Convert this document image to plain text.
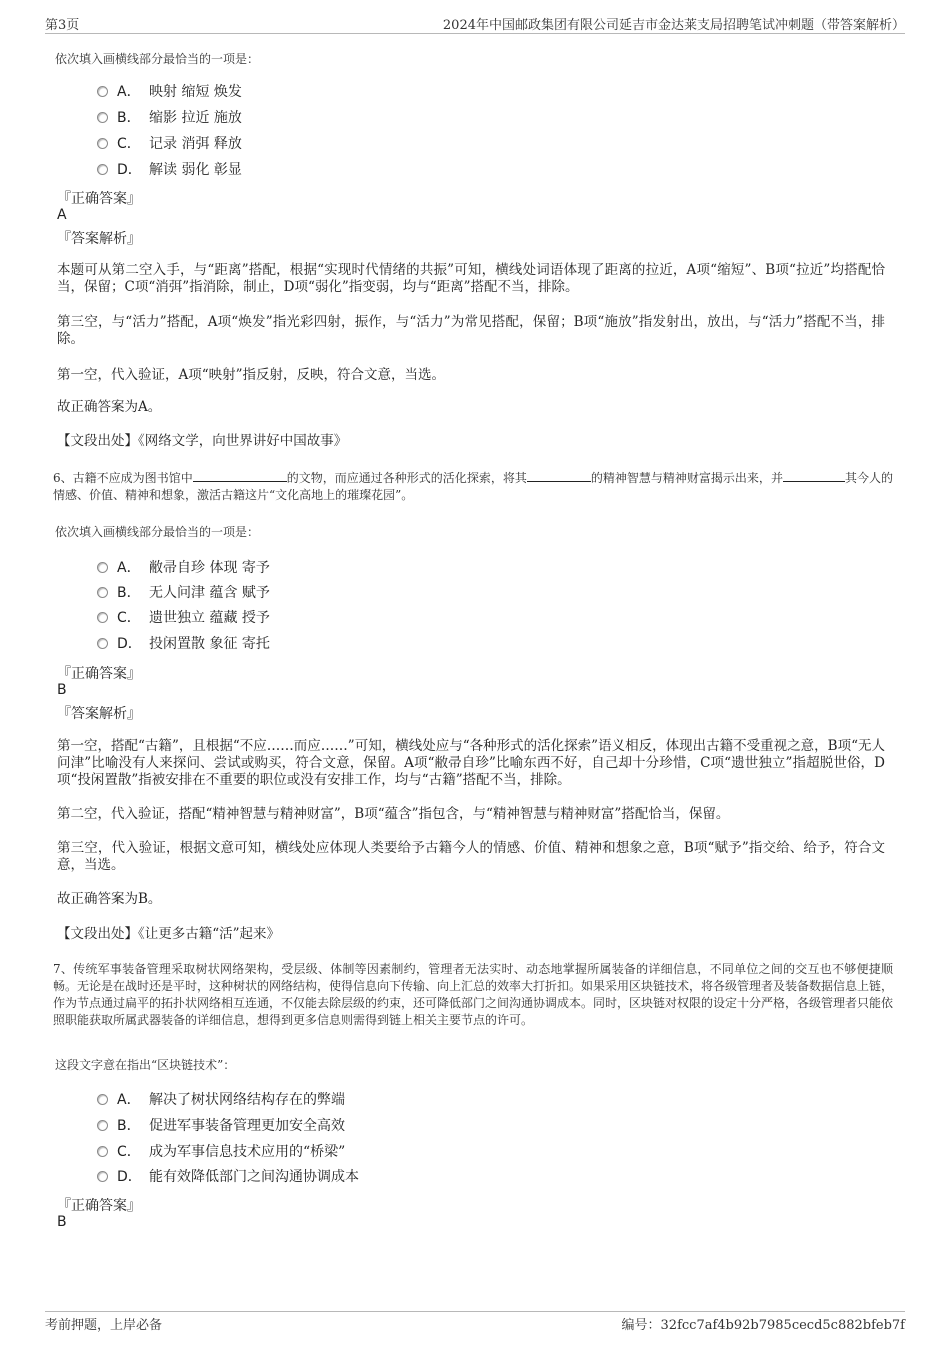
第3页	2024年中国邮政集团有限公司延吉市金达莱支局招聘笔试冲刺题（带答案解析）
依次填入画横线部分最恰当的一项是：
A． 映射 缩短 焕发
B． 缩影 拉近 施放
C． 记录 消弭 释放
D． 解读 弱化 彰显
『正确答案』
A
『答案解析』
本题可从第二空入手，与“距离”搭配，根据“实现时代情绪的共振”可知，横线处词语体现了距离的拉近，A项“缩短”、B项“拉近”均搭配恰当，保留；C项“消弭”指消除，制止，D项“弱化”指变弱，均与“距离”搭配不当，排除。
第三空，与“活力”搭配，A项“焕发”指光彩四射，振作，与“活力”为常见搭配，保留；B项“施放”指发射出，放出，与“活力”搭配不当，排除。
第一空，代入验证，A项“映射”指反射，反映，符合文意，当选。
故正确答案为A。
【文段出处】《网络文学，向世界讲好中国故事》
6、古籍不应成为图书馆中	的文物，而应通过各种形式的活化探索，将其	的精神智慧与精神财富揭示出来，并	其今人的情感、价值、精神和想象，激活古籍这片“文化高地上的璀璨花园”。
依次填入画横线部分最恰当的一项是：
A． 敝帚自珍 体现 寄予
B． 无人问津 蕴含 赋予
C． 遗世独立 蕴藏 授予
D． 投闲置散 象征 寄托
『正确答案』
B
『答案解析』
第一空，搭配“古籍”，且根据“不应……而应……”可知，横线处应与“各种形式的活化探索”语义相反，体现出古籍不受重视之意，B项“无人问津”比喻没有人来探问、尝试或购买，符合文意，保留。A项“敝帚自珍”比喻东西不好，自己却十分珍惜，C项“遗世独立”指超脱世俗，D项“投闲置散”指被安排在不重要的职位或没有安排工作，均与“古籍”搭配不当，排除。
第二空，代入验证，搭配“精神智慧与精神财富”，B项“蕴含”指包含，与“精神智慧与精神财富”搭配恰当，保留。
第三空，代入验证，根据文意可知，横线处应体现人类要给予古籍今人的情感、价值、精神和想象之意，B项“赋予”指交给、给予，符合文意，当选。
故正确答案为B。
【文段出处】《让更多古籍“活”起来》
7、传统军事装备管理采取树状网络架构，受层级、体制等因素制约，管理者无法实时、动态地掌握所属装备的详细信息，不同单位之间的交互也不够便捷顺畅。无论是在战时还是平时，这种树状的网络结构，使得信息向下传输、向上汇总的效率大打折扣。如果采用区块链技术，将各级管理者及装备数据信息上链，作为节点通过扁平的拓扑状网络相互连通，不仅能去除层级的约束，还可降低部门之间沟通协调成本。同时，区块链对权限的设定十分严格，各级管理者只能依照职能获取所属武器装备的详细信息，想得到更多信息则需得到链上相关主要节点的许可。
这段文字意在指出“区块链技术”：
A． 解决了树状网络结构存在的弊端
B． 促进军事装备管理更加安全高效
C． 成为军事信息技术应用的“桥梁”
D． 能有效降低部门之间沟通协调成本
『正确答案』
B
考前押题，上岸必备	编号：32fcc7af4b92b7985cecd5c882bfeb7f
